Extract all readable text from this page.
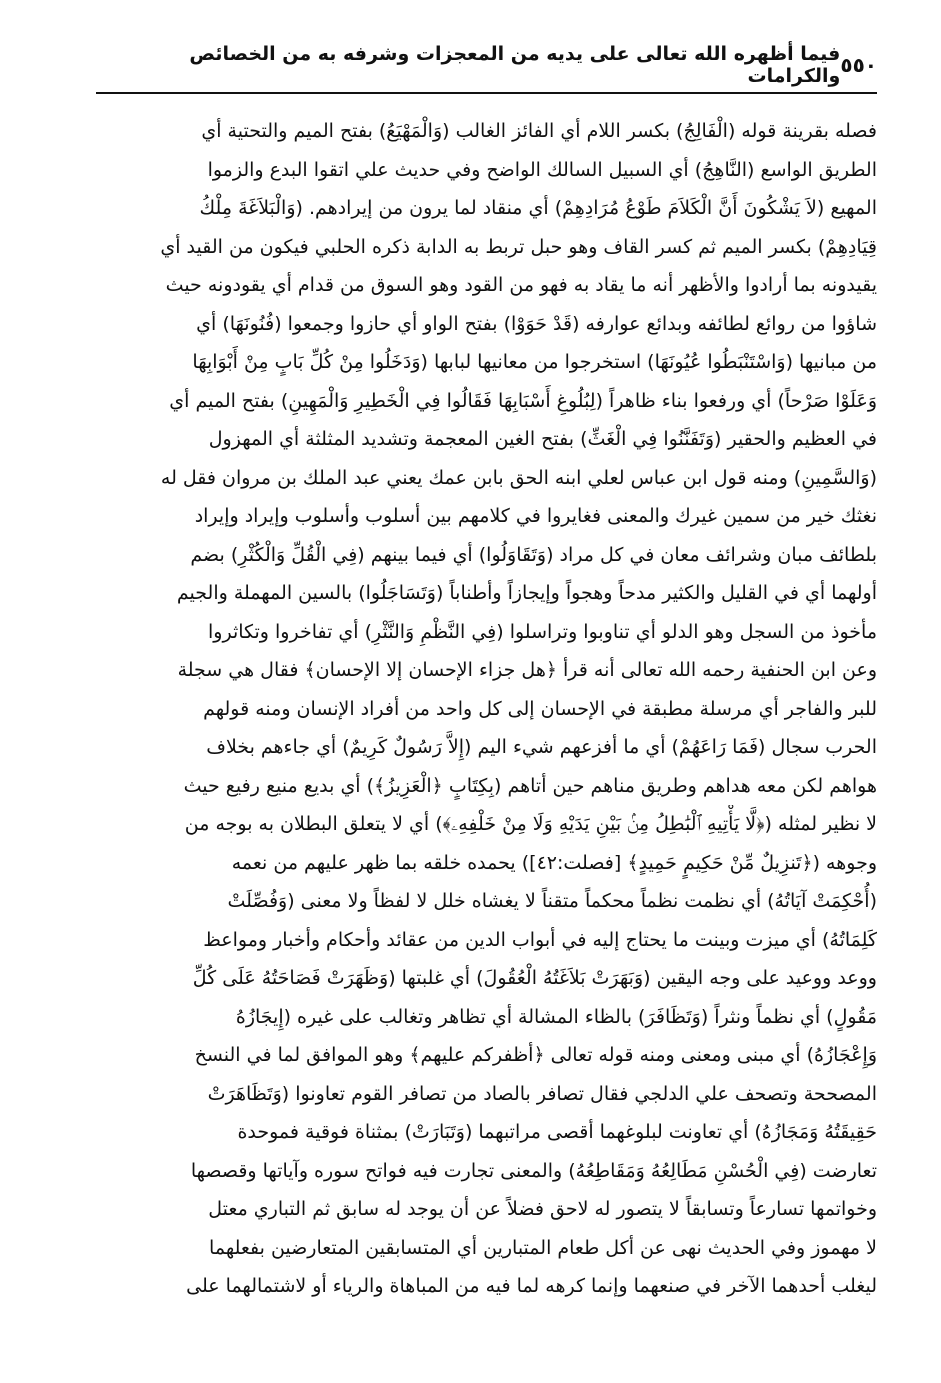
٥٥٠
فيما أظهره الله تعالى على يديه من المعجزات وشرفه به من الخصائص والكرامات
فصله بقرينة قوله (الْفَالِجُ) بكسر اللام أي الفائز الغالب (وَالْمَهْيَعُ) بفتح الميم والتحتية أي
الطريق الواسع (النَّاهِجُ) أي السبيل السالك الواضح وفي حديث علي اتقوا البدع والزموا
المهيع (لاَ يَشْكُونَ أَنَّ الْكَلاَمَ طَوْعُ مُرَادِهِمْ) أي منقاد لما يرون من إيرادهم. (وَالْبَلاَغَةَ مِلْكُ
قِيَادِهِمْ) بكسر الميم ثم كسر القاف وهو حبل تربط به الدابة ذكره الحلبي فيكون من القيد أي
يقيدونه بما أرادوا والأظهر أنه ما يقاد به فهو من القود وهو السوق من قدام أي يقودونه حيث
شاؤوا من روائع لطائفه وبدائع عوارفه (قَدْ حَوَوْا) بفتح الواو أي حازوا وجمعوا (فُنُونَهَا) أي
من مبانيها (وَاسْتَنْبَطُوا عُيُونَهَا) استخرجوا من معانيها لبابها (وَدَخَلُوا مِنْ كُلِّ بَابٍ مِنْ أَبْوَابِهَا
وَعَلَوْا صَرْحاً) أي ورفعوا بناء ظاهراً (لِبُلُوغِ أَسْبَابِهَا فَقَالُوا فِي الْخَطِيرِ وَالْمَهِينِ) بفتح الميم أي
في العظيم والحقير (وَتَفَنَّنُوا فِي الْغَثِّ) بفتح الغين المعجمة وتشديد المثلثة أي المهزول
(وَالسَّمِينِ) ومنه قول ابن عباس لعلي ابنه الحق بابن عمك يعني عبد الملك بن مروان فقل له
نغثك خير من سمين غيرك والمعنى فغايروا في كلامهم بين أسلوب وأسلوب وإيراد وإيراد
بلطائف مبان وشرائف معان في كل مراد (وَتَقَاوَلُوا) أي فيما بينهم (فِي الْقُلِّ وَالْكُثْرِ) بضم
أولهما أي في القليل والكثير مدحاً وهجواً وإيجازاً وأطناباً (وَتَسَاجَلُوا) بالسين المهملة والجيم
مأخوذ من السجل وهو الدلو أي تناوبوا وتراسلوا (فِي النَّظْمِ وَالنَّثْرِ) أي تفاخروا وتكاثروا
وعن ابن الحنفية رحمه الله تعالى أنه قرأ ﴿هل جزاء الإحسان إلا الإحسان﴾ فقال هي سجلة
للبر والفاجر أي مرسلة مطبقة في الإحسان إلى كل واحد من أفراد الإنسان ومنه قولهم
الحرب سجال (فَمَا رَاعَهُمْ) أي ما أفزعهم شيء اليم (إِلاَّ رَسُولٌ كَرِيمٌ) أي جاءهم بخلاف
هواهم لكن معه هداهم وطريق مناهم حين أتاهم (بِكِتَابٍ ﴿الْعَزِيزُ﴾) أي بديع منيع رفيع حيث
لا نظير لمثله (﴿لَّا يَأْتِيهِ ٱلْبَٰطِلُ مِنۢ بَيْنِ يَدَيْهِ وَلَا مِنْ خَلْفِهِۦ﴾) أي لا يتعلق البطلان به بوجه من
وجوهه (﴿تَنزِيلٌ مِّنْ حَكِيمٍ حَمِيدٍ﴾ [فصلت:٤٢]) يحمده خلقه بما ظهر عليهم من نعمه
(أُحْكِمَتْ آيَاتُهُ) أي نظمت نظماً محكماً متقناً لا يغشاه خلل لا لفظاً ولا معنى (وَفُصِّلَتْ
كَلِمَاتُهُ) أي ميزت وبينت ما يحتاج إليه في أبواب الدين من عقائد وأحكام وأخبار ومواعظ
ووعد ووعيد على وجه اليقين (وَبَهَرَتْ بَلاَغَتُهُ الْعُقُولَ) أي غلبتها (وَظَهَرَتْ فَصَاحَتُهُ عَلَى كُلِّ
مَقُولٍ) أي نظماً ونثراً (وَتَظَافَرَ) بالظاء المشالة أي تظاهر وتغالب على غيره (إِيجَازُهُ
وَإِعْجَازُهُ) أي مبنى ومعنى ومنه قوله تعالى ﴿أظفركم عليهم﴾ وهو الموافق لما في النسخ
المصححة وتصحف علي الدلجي فقال تصافر بالصاد من تصافر القوم تعاونوا (وَتَظَاهَرَتْ
حَقِيقَتُهُ وَمَجَازُهُ) أي تعاونت لبلوغهما أقصى مراتبهما (وَتَبَارَتْ) بمثناة فوقية فموحدة
تعارضت (فِي الْحُسْنِ مَطَالِعُهُ وَمَقَاطِعُهُ) والمعنى تجارت فيه فواتح سوره وآياتها وقصصها
وخواتمها تسارعاً وتسابقاً لا يتصور له لاحق فضلاً عن أن يوجد له سابق ثم التباري معتل
لا مهموز وفي الحديث نهى عن أكل طعام المتبارين أي المتسابقين المتعارضين بفعلهما
ليغلب أحدهما الآخر في صنعهما وإنما كرهه لما فيه من المباهاة والرياء أو لاشتمالهما على
